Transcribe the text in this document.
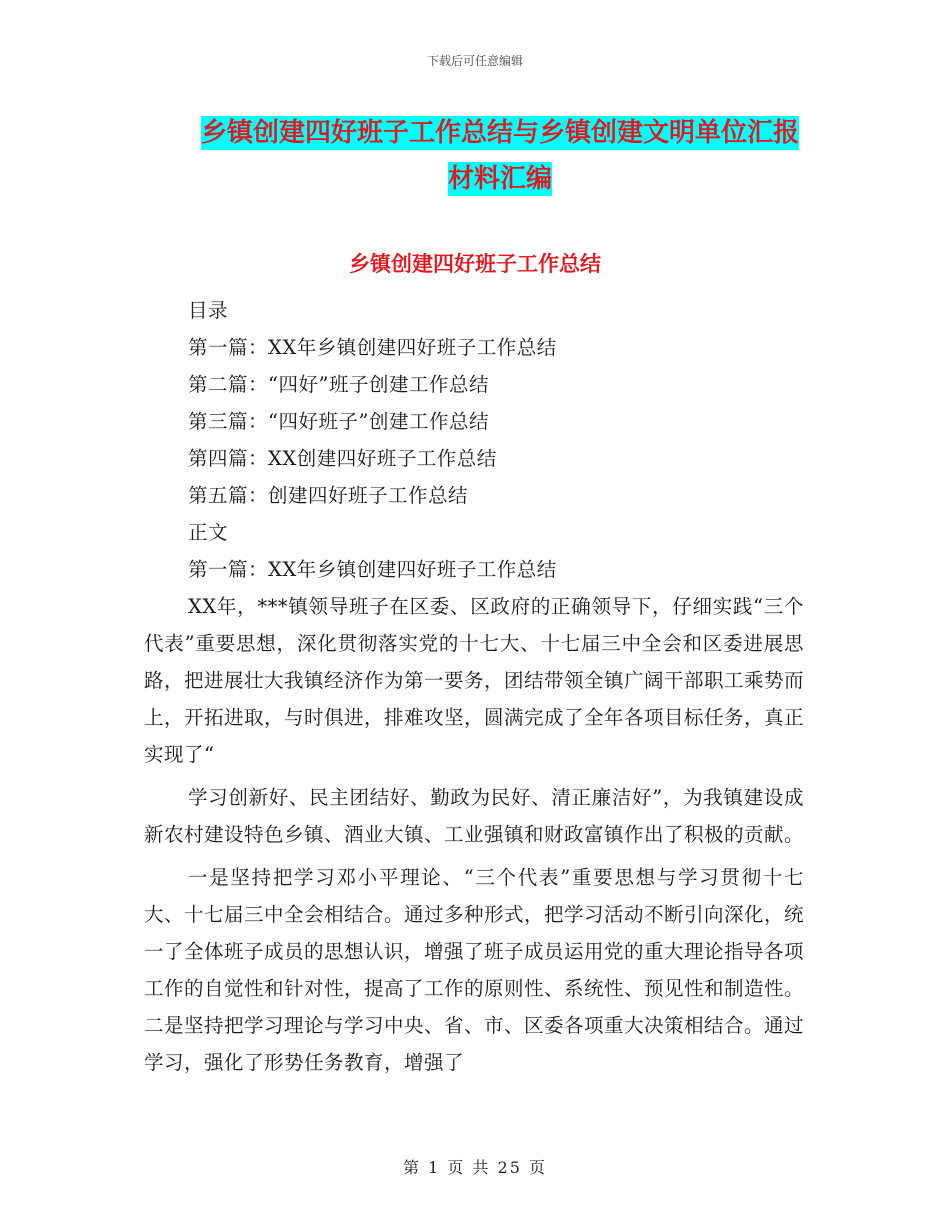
下载后可任意编辑
乡镇创建四好班子工作总结与乡镇创建文明单位汇报
材料汇编
乡镇创建四好班子工作总结

目录

第一篇：XX年乡镇创建四好班子工作总结

第二篇：“四好”班子创建工作总结

第三篇：“四好班子”创建工作总结

第四篇：XX创建四好班子工作总结

第五篇：创建四好班子工作总结

正文

第一篇：XX年乡镇创建四好班子工作总结

XX年，***镇领导班子在区委、区政府的正确领导下，仔细实践“三个代表”重要思想，深化贯彻落实党的十七大、十七届三中全会和区委进展思路，把进展壮大我镇经济作为第一要务，团结带领全镇广阔干部职工乘势而上，开拓进取，与时俱进，排难攻坚，圆满完成了全年各项目标任务，真正实现了“

学习创新好、民主团结好、勤政为民好、清正廉洁好”，为我镇建设成新农村建设特色乡镇、酒业大镇、工业强镇和财政富镇作出了积极的贡献。

一是坚持把学习邓小平理论、“三个代表”重要思想与学习贯彻十七大、十七届三中全会相结合。通过多种形式，把学习活动不断引向深化，统一了全体班子成员的思想认识，增强了班子成员运用党的重大理论指导各项工作的自觉性和针对性，提高了工作的原则性、系统性、预见性和制造性。二是坚持把学习理论与学习中央、省、市、区委各项重大决策相结合。通过学习，强化了形势任务教育，增强了

第 1 页 共 25 页
